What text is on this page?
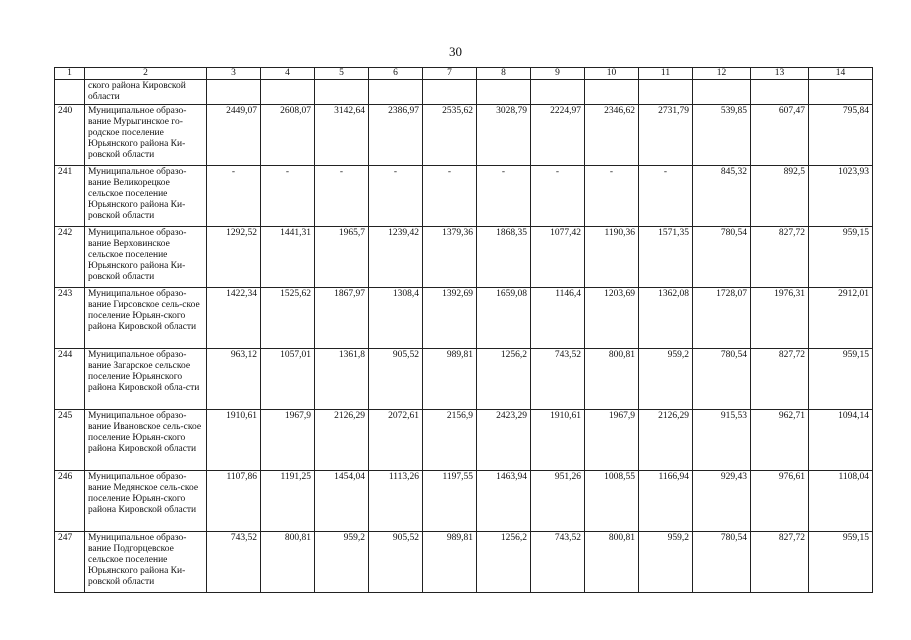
30
1	2	3	4	5	6	7	8	9	10	11	12	13	14
	ского района Кировской области												
240	Муниципальное образо-вание Мурыгинское го-родское поселение Юрьянского района Ки-ровской области	2449,07	2608,07	3142,64	2386,97	2535,62	3028,79	2224,97	2346,62	2731,79	539,85	607,47	795,84
241	Муниципальное образо-вание Великорецкое сельское поселение Юрьянского района Ки-ровской области	-	-	-	-	-	-	-	-	-	845,32	892,5	1023,93
242	Муниципальное образо-вание Верховинское сельское поселение Юрьянского района Ки-ровской области	1292,52	1441,31	1965,7	1239,42	1379,36	1868,35	1077,42	1190,36	1571,35	780,54	827,72	959,15
243	Муниципальное образо-вание Гирсовское сель-ское поселение Юрьян-ского района Кировской области	1422,34	1525,62	1867,97	1308,4	1392,69	1659,08	1146,4	1203,69	1362,08	1728,07	1976,31	2912,01
244	Муниципальное образо-вание Загарское сельское поселение Юрьянского района Кировской обла-сти	963,12	1057,01	1361,8	905,52	989,81	1256,2	743,52	800,81	959,2	780,54	827,72	959,15
245	Муниципальное образо-вание Ивановское сель-ское поселение Юрьян-ского района Кировской области	1910,61	1967,9	2126,29	2072,61	2156,9	2423,29	1910,61	1967,9	2126,29	915,53	962,71	1094,14
246	Муниципальное образо-вание Медянское сель-ское поселение Юрьян-ского района Кировской области	1107,86	1191,25	1454,04	1113,26	1197,55	1463,94	951,26	1008,55	1166,94	929,43	976,61	1108,04
247	Муниципальное образо-вание Подгорцевское сельское поселение Юрьянского района Ки-ровской области	743,52	800,81	959,2	905,52	989,81	1256,2	743,52	800,81	959,2	780,54	827,72	959,15
